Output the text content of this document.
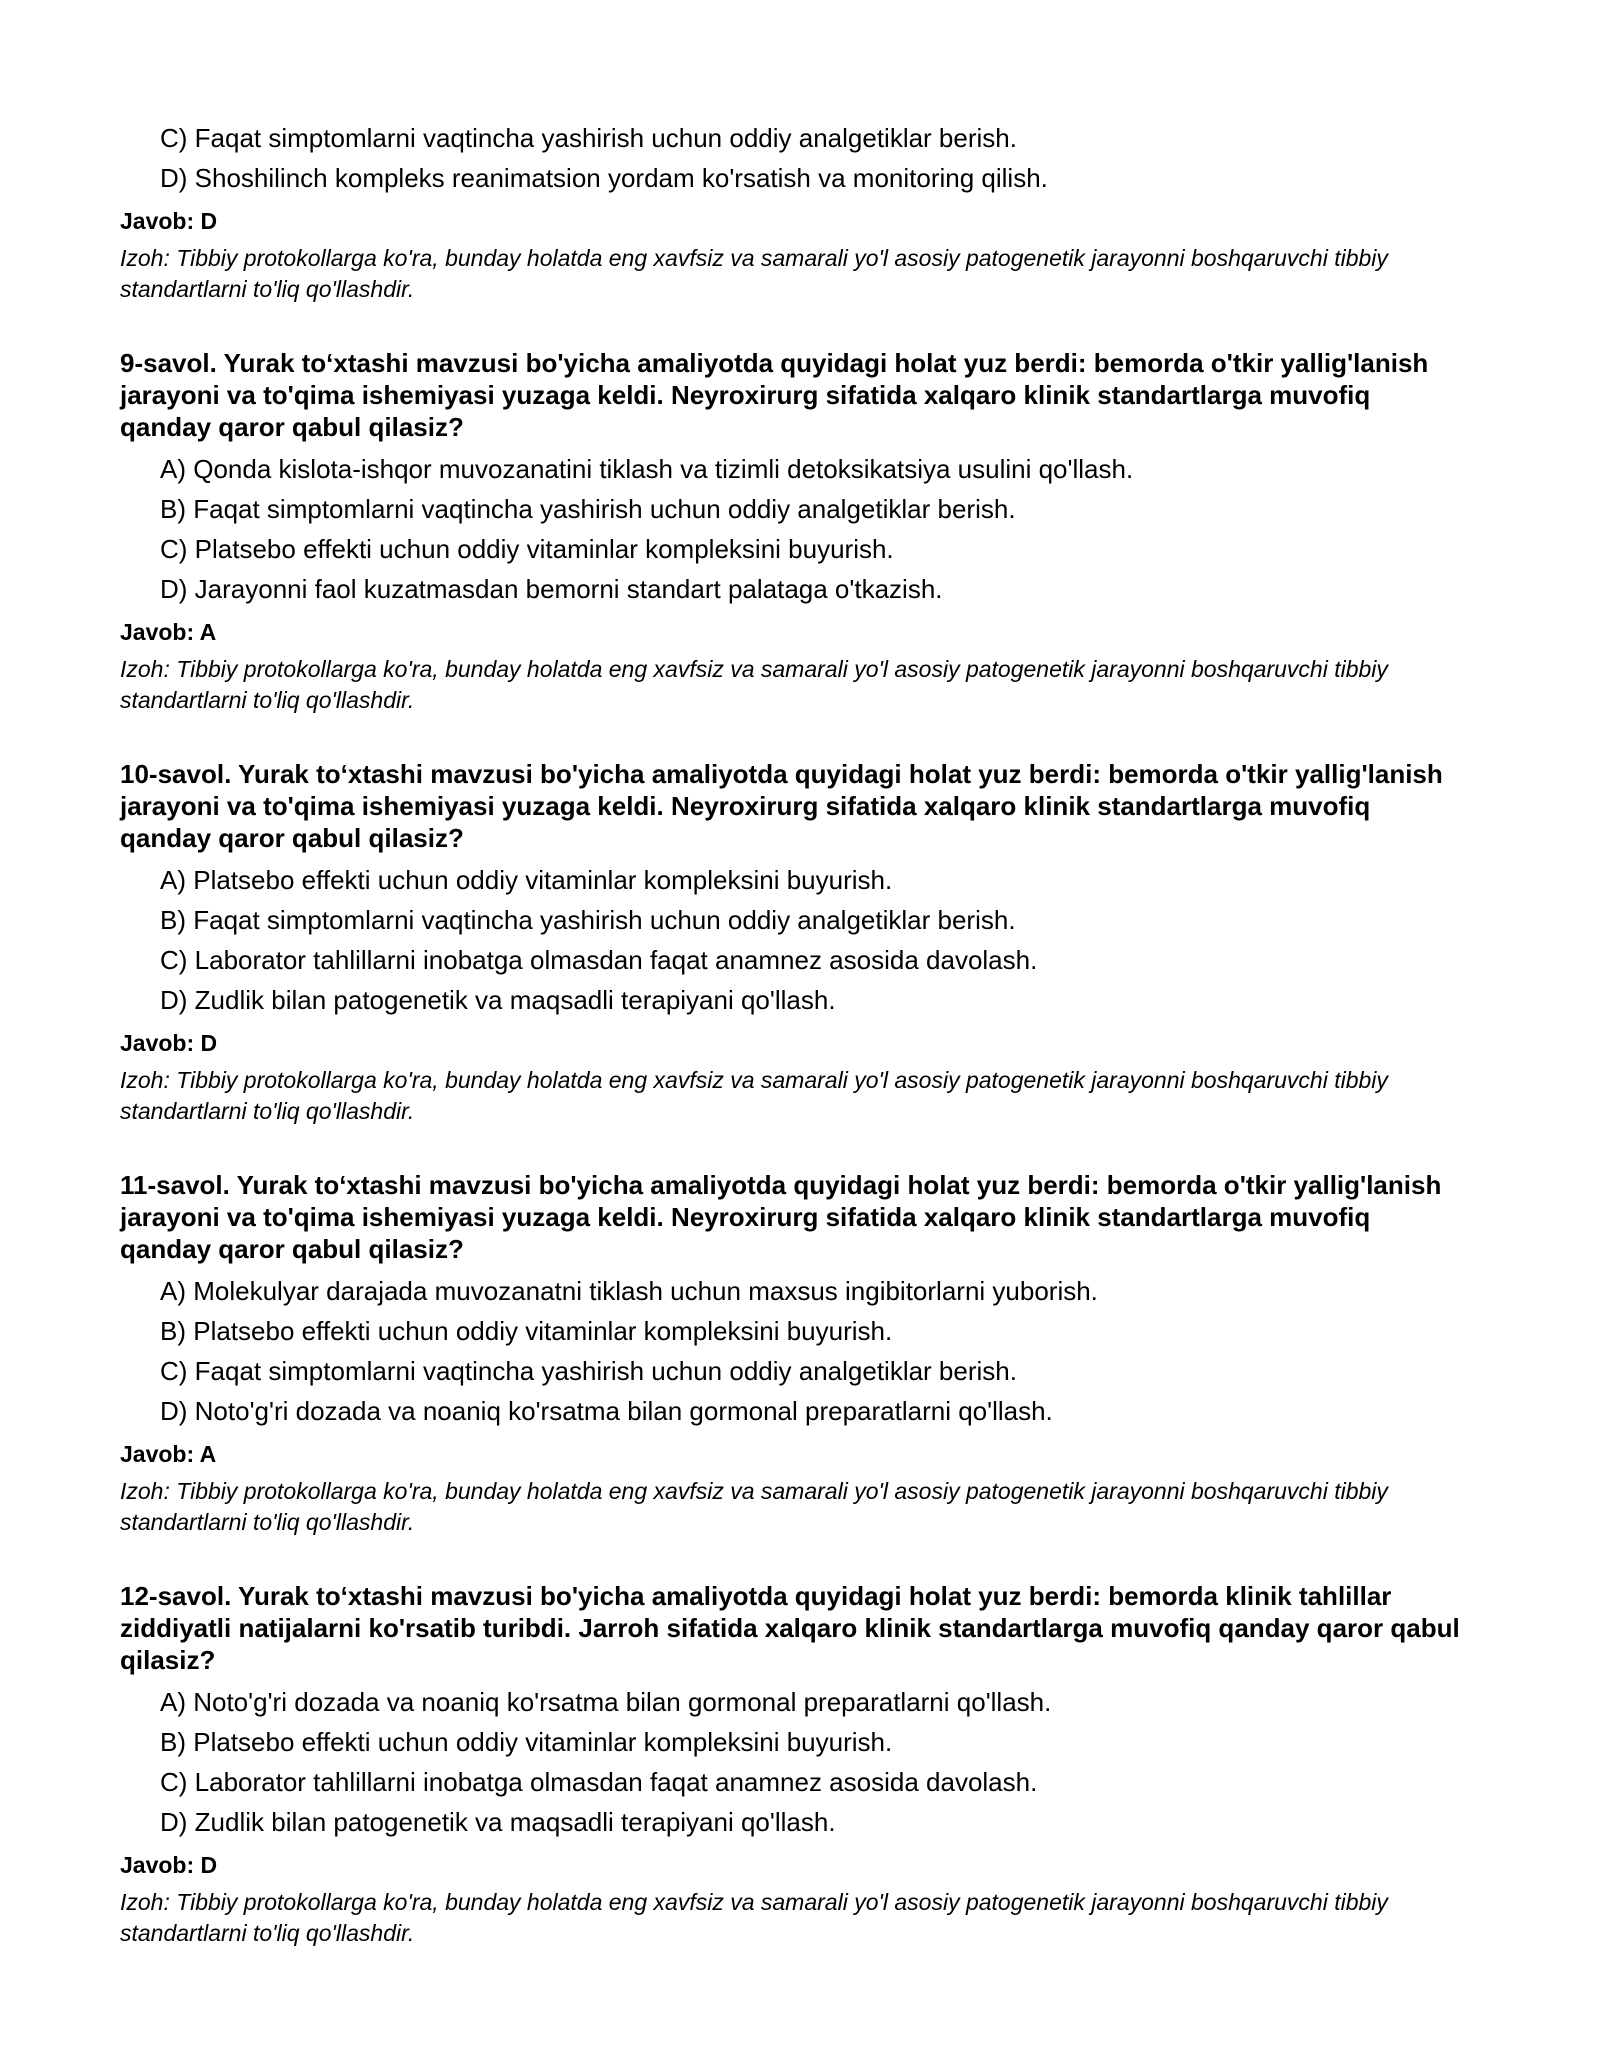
C) Faqat simptomlarni vaqtincha yashirish uchun oddiy analgetiklar berish.
D) Shoshilinch kompleks reanimatsion yordam ko'rsatish va monitoring qilish.
Javob: D
Izoh: Tibbiy protokollarga ko'ra, bunday holatda eng xavfsiz va samarali yo'l asosiy patogenetik jarayonni boshqaruvchi tibbiy standartlarni to'liq qo'llashdir.
9-savol. Yurak to‘xtashi mavzusi bo'yicha amaliyotda quyidagi holat yuz berdi: bemorda o'tkir yallig'lanish jarayoni va to'qima ishemiyasi yuzaga keldi. Neyroxirurg sifatida xalqaro klinik standartlarga muvofiq qanday qaror qabul qilasiz?
A) Qonda kislota-ishqor muvozanatini tiklash va tizimli detoksikatsiya usulini qo'llash.
B) Faqat simptomlarni vaqtincha yashirish uchun oddiy analgetiklar berish.
C) Platsebo effekti uchun oddiy vitaminlar kompleksini buyurish.
D) Jarayonni faol kuzatmasdan bemorni standart palataga o'tkazish.
Javob: A
Izoh: Tibbiy protokollarga ko'ra, bunday holatda eng xavfsiz va samarali yo'l asosiy patogenetik jarayonni boshqaruvchi tibbiy standartlarni to'liq qo'llashdir.
10-savol. Yurak to‘xtashi mavzusi bo'yicha amaliyotda quyidagi holat yuz berdi: bemorda o'tkir yallig'lanish jarayoni va to'qima ishemiyasi yuzaga keldi. Neyroxirurg sifatida xalqaro klinik standartlarga muvofiq qanday qaror qabul qilasiz?
A) Platsebo effekti uchun oddiy vitaminlar kompleksini buyurish.
B) Faqat simptomlarni vaqtincha yashirish uchun oddiy analgetiklar berish.
C) Laborator tahlillarni inobatga olmasdan faqat anamnez asosida davolash.
D) Zudlik bilan patogenetik va maqsadli terapiyani qo'llash.
Javob: D
Izoh: Tibbiy protokollarga ko'ra, bunday holatda eng xavfsiz va samarali yo'l asosiy patogenetik jarayonni boshqaruvchi tibbiy standartlarni to'liq qo'llashdir.
11-savol. Yurak to‘xtashi mavzusi bo'yicha amaliyotda quyidagi holat yuz berdi: bemorda o'tkir yallig'lanish jarayoni va to'qima ishemiyasi yuzaga keldi. Neyroxirurg sifatida xalqaro klinik standartlarga muvofiq qanday qaror qabul qilasiz?
A) Molekulyar darajada muvozanatni tiklash uchun maxsus ingibitorlarni yuborish.
B) Platsebo effekti uchun oddiy vitaminlar kompleksini buyurish.
C) Faqat simptomlarni vaqtincha yashirish uchun oddiy analgetiklar berish.
D) Noto'g'ri dozada va noaniq ko'rsatma bilan gormonal preparatlarni qo'llash.
Javob: A
Izoh: Tibbiy protokollarga ko'ra, bunday holatda eng xavfsiz va samarali yo'l asosiy patogenetik jarayonni boshqaruvchi tibbiy standartlarni to'liq qo'llashdir.
12-savol. Yurak to‘xtashi mavzusi bo'yicha amaliyotda quyidagi holat yuz berdi: bemorda klinik tahlillar ziddiyatli natijalarni ko'rsatib turibdi. Jarroh sifatida xalqaro klinik standartlarga muvofiq qanday qaror qabul qilasiz?
A) Noto'g'ri dozada va noaniq ko'rsatma bilan gormonal preparatlarni qo'llash.
B) Platsebo effekti uchun oddiy vitaminlar kompleksini buyurish.
C) Laborator tahlillarni inobatga olmasdan faqat anamnez asosida davolash.
D) Zudlik bilan patogenetik va maqsadli terapiyani qo'llash.
Javob: D
Izoh: Tibbiy protokollarga ko'ra, bunday holatda eng xavfsiz va samarali yo'l asosiy patogenetik jarayonni boshqaruvchi tibbiy standartlarni to'liq qo'llashdir.
